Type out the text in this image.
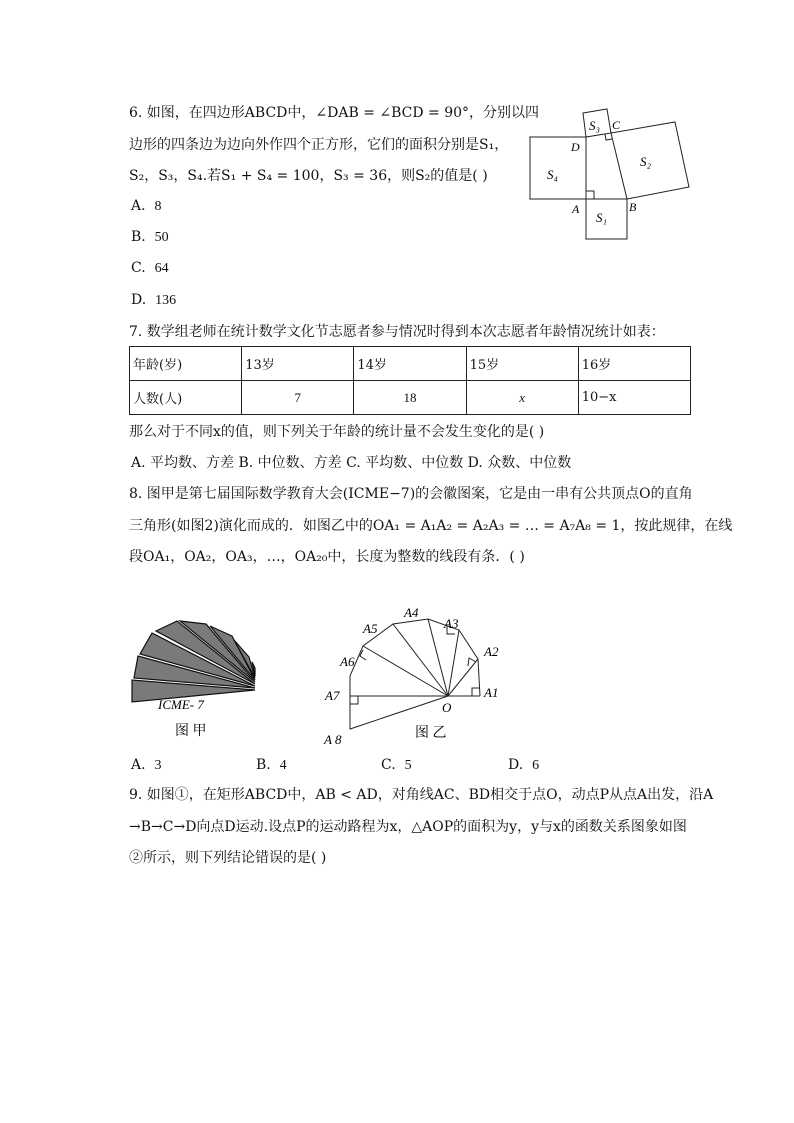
6. 如图，在四边形ABCD中，∠DAB = ∠BCD = 90°，分别以四
边形的四条边为边向外作四个正方形，它们的面积分别是S₁，
S₂，S₃，S₄.若S₁ + S₄ = 100，S₃ = 36，则S₂的值是( )
A. 8
B. 50
C. 64
D. 136
S₃ C
D
S₄
S₂
A	B
S₁
7. 数学组老师在统计数学文化节志愿者参与情况时得到本次志愿者年龄情况统计如表：
年龄(岁)	13岁	14岁	15岁	16岁
人数(人)	7	18	x	10−x
那么对于不同x的值，则下列关于年龄的统计量不会发生变化的是( )
A. 平均数、方差 B. 中位数、方差 C. 平均数、中位数 D. 众数、中位数
8. 图甲是第七届国际数学教育大会(ICME−7)的会徽图案，它是由一串有公共顶点O的直角
三角形(如图2)演化而成的．如图乙中的OA₁ = A₁A₂ = A₂A₃ = … = A₇A₈ = 1，按此规律，在线
段OA₁，OA₂，OA₃，…，OA₂₀中，长度为整数的线段有条．( )
ICME- 7
图 甲
O
A1
A2
A3
A4
A5
A6
A7
A 8	图 乙
A. 3	B. 4	C. 5	D. 6
9. 如图①，在矩形ABCD中，AB < AD，对角线AC、BD相交于点O，动点P从点A出发，沿A
→B→C→D向点D运动.设点P的运动路程为x，△AOP的面积为y，y与x的函数关系图象如图
②所示，则下列结论错误的是( )
